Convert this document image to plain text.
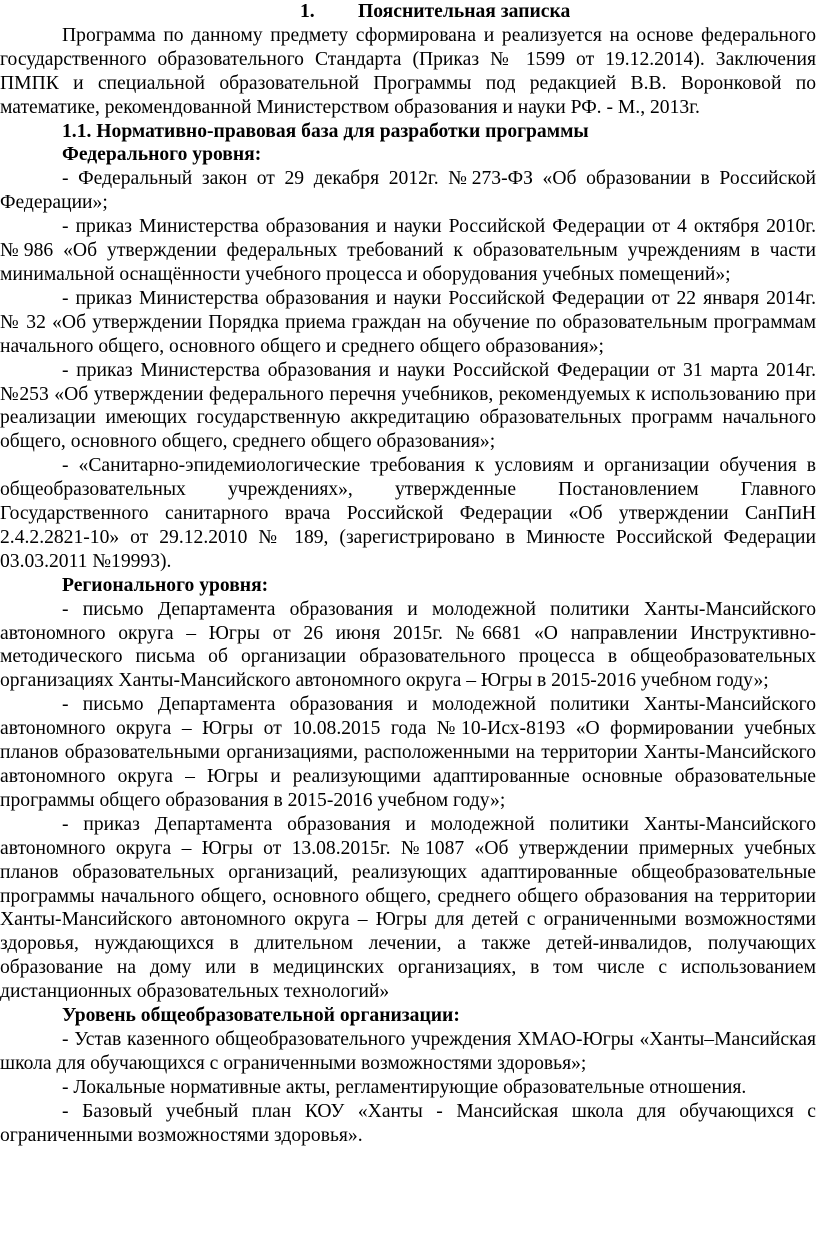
1. Пояснительная записка

Программа по данному предмету сформирована и реализуется на основе федерального государственного образовательного Стандарта (Приказ № 1599 от 19.12.2014). Заключения ПМПК и специальной образовательной Программы под редакцией В.В. Воронковой по математике, рекомендованной Министерством образования и науки РФ. - М., 2013г.

1.1. Нормативно-правовая база для разработки программы

Федерального уровня:

- Федеральный закон от 29 декабря 2012г. №273-ФЗ «Об образовании в Российской Федерации»;

- приказ Министерства образования и науки Российской Федерации от 4 октября 2010г. №986 «Об утверждении федеральных требований к образовательным учреждениям в части минимальной оснащённости учебного процесса и оборудования учебных помещений»;

- приказ Министерства образования и науки Российской Федерации от 22 января 2014г. № 32 «Об утверждении Порядка приема граждан на обучение по образовательным программам начального общего, основного общего и среднего общего образования»;

- приказ Министерства образования и науки Российской Федерации от 31 марта 2014г. №253 «Об утверждении федерального перечня учебников, рекомендуемых к использованию при реализации имеющих государственную аккредитацию образовательных программ начального общего, основного общего, среднего общего образования»;

- «Санитарно-эпидемиологические требования к условиям и организации обучения в общеобразовательных учреждениях», утвержденные Постановлением Главного Государственного санитарного врача Российской Федерации «Об утверждении СанПиН 2.4.2.2821-10» от 29.12.2010 № 189, (зарегистрировано в Минюсте Российской Федерации 03.03.2011 №19993).

Регионального уровня:

- письмо Департамента образования и молодежной политики Ханты-Мансийского автономного округа – Югры от 26 июня 2015г. №6681 «О направлении Инструктивно-методического письма об организации образовательного процесса в общеобразовательных организациях Ханты-Мансийского автономного округа – Югры в 2015-2016 учебном году»;

- письмо Департамента образования и молодежной политики Ханты-Мансийского автономного округа – Югры от 10.08.2015 года №10-Исх-8193 «О формировании учебных планов образовательными организациями, расположенными на территории Ханты-Мансийского автономного округа – Югры и реализующими адаптированные основные образовательные программы общего образования в 2015-2016 учебном году»;

- приказ Департамента образования и молодежной политики Ханты-Мансийского автономного округа – Югры от 13.08.2015г. №1087 «Об утверждении примерных учебных планов образовательных организаций, реализующих адаптированные общеобразовательные программы начального общего, основного общего, среднего общего образования на территории Ханты-Мансийского автономного округа – Югры для детей с ограниченными возможностями здоровья, нуждающихся в длительном лечении, а также детей-инвалидов, получающих образование на дому или в медицинских организациях, в том числе с использованием дистанционных образовательных технологий»

Уровень общеобразовательной организации:

- Устав казенного общеобразовательного учреждения ХМАО-Югры «Ханты–Мансийская школа для обучающихся с ограниченными возможностями здоровья»;

- Локальные нормативные акты, регламентирующие образовательные отношения.

- Базовый учебный план КОУ «Ханты - Мансийская школа для обучающихся с ограниченными возможностями здоровья».
